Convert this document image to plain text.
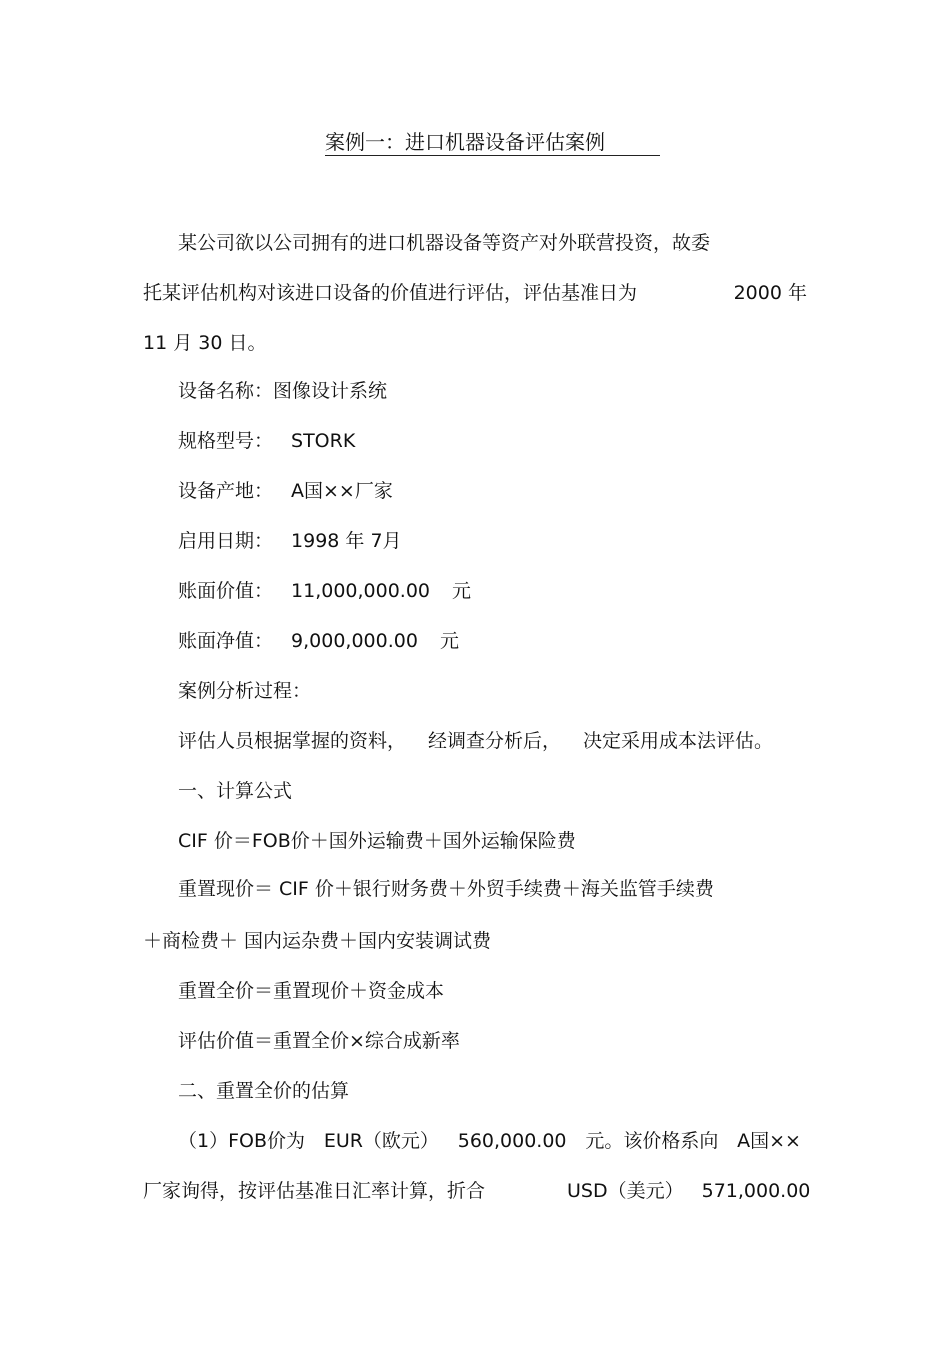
案例一：进口机器设备评估案例
某公司欲以公司拥有的进口机器设备等资产对外联营投资，故委
托某评估机构对该进口设备的价值进行评估，评估基准日为	2000 年
11 月 30 日。
设备名称：图像设计系统
规格型号： STORK
设备产地： A国××厂家
启用日期： 1998 年 7月
账面价值： 11,000,000.00 元
账面净值： 9,000,000.00 元
案例分析过程：
评估人员根据掌握的资料， 经调查分析后， 决定采用成本法评估。
一、计算公式
CIF 价＝FOB价＋国外运输费＋国外运输保险费
重置现价＝ CIF 价＋银行财务费＋外贸手续费＋海关监管手续费
＋商检费＋ 国内运杂费＋国内安装调试费
重置全价＝重置现价＋资金成本
评估价值＝重置全价×综合成新率
二、重置全价的估算
（1）FOB价为 EUR（欧元） 560,000.00 元。该价格系向 A国××
厂家询得，按评估基准日汇率计算，折合	USD（美元） 571,000.00
